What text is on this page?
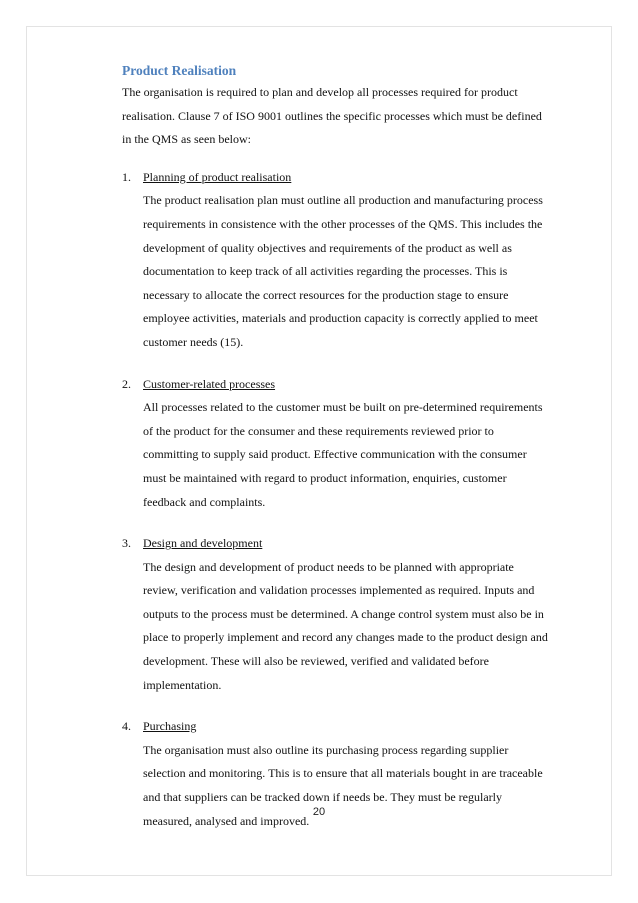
Product Realisation
The organisation is required to plan and develop all processes required for product
realisation. Clause 7 of ISO 9001 outlines the specific processes which must be defined
in the QMS as seen below:
1. Planning of product realisation
The product realisation plan must outline all production and manufacturing process
requirements in consistence with the other processes of the QMS. This includes the
development of quality objectives and requirements of the product as well as
documentation to keep track of all activities regarding the processes. This is
necessary to allocate the correct resources for the production stage to ensure
employee activities, materials and production capacity is correctly applied to meet
customer needs (15).
2. Customer-related processes
All processes related to the customer must be built on pre-determined requirements
of the product for the consumer and these requirements reviewed prior to
committing to supply said product. Effective communication with the consumer
must be maintained with regard to product information, enquiries, customer
feedback and complaints.
3. Design and development
The design and development of product needs to be planned with appropriate
review, verification and validation processes implemented as required. Inputs and
outputs to the process must be determined. A change control system must also be in
place to properly implement and record any changes made to the product design and
development. These will also be reviewed, verified and validated before
implementation.
4. Purchasing
The organisation must also outline its purchasing process regarding supplier
selection and monitoring. This is to ensure that all materials bought in are traceable
and that suppliers can be tracked down if needs be. They must be regularly
measured, analysed and improved.
20
